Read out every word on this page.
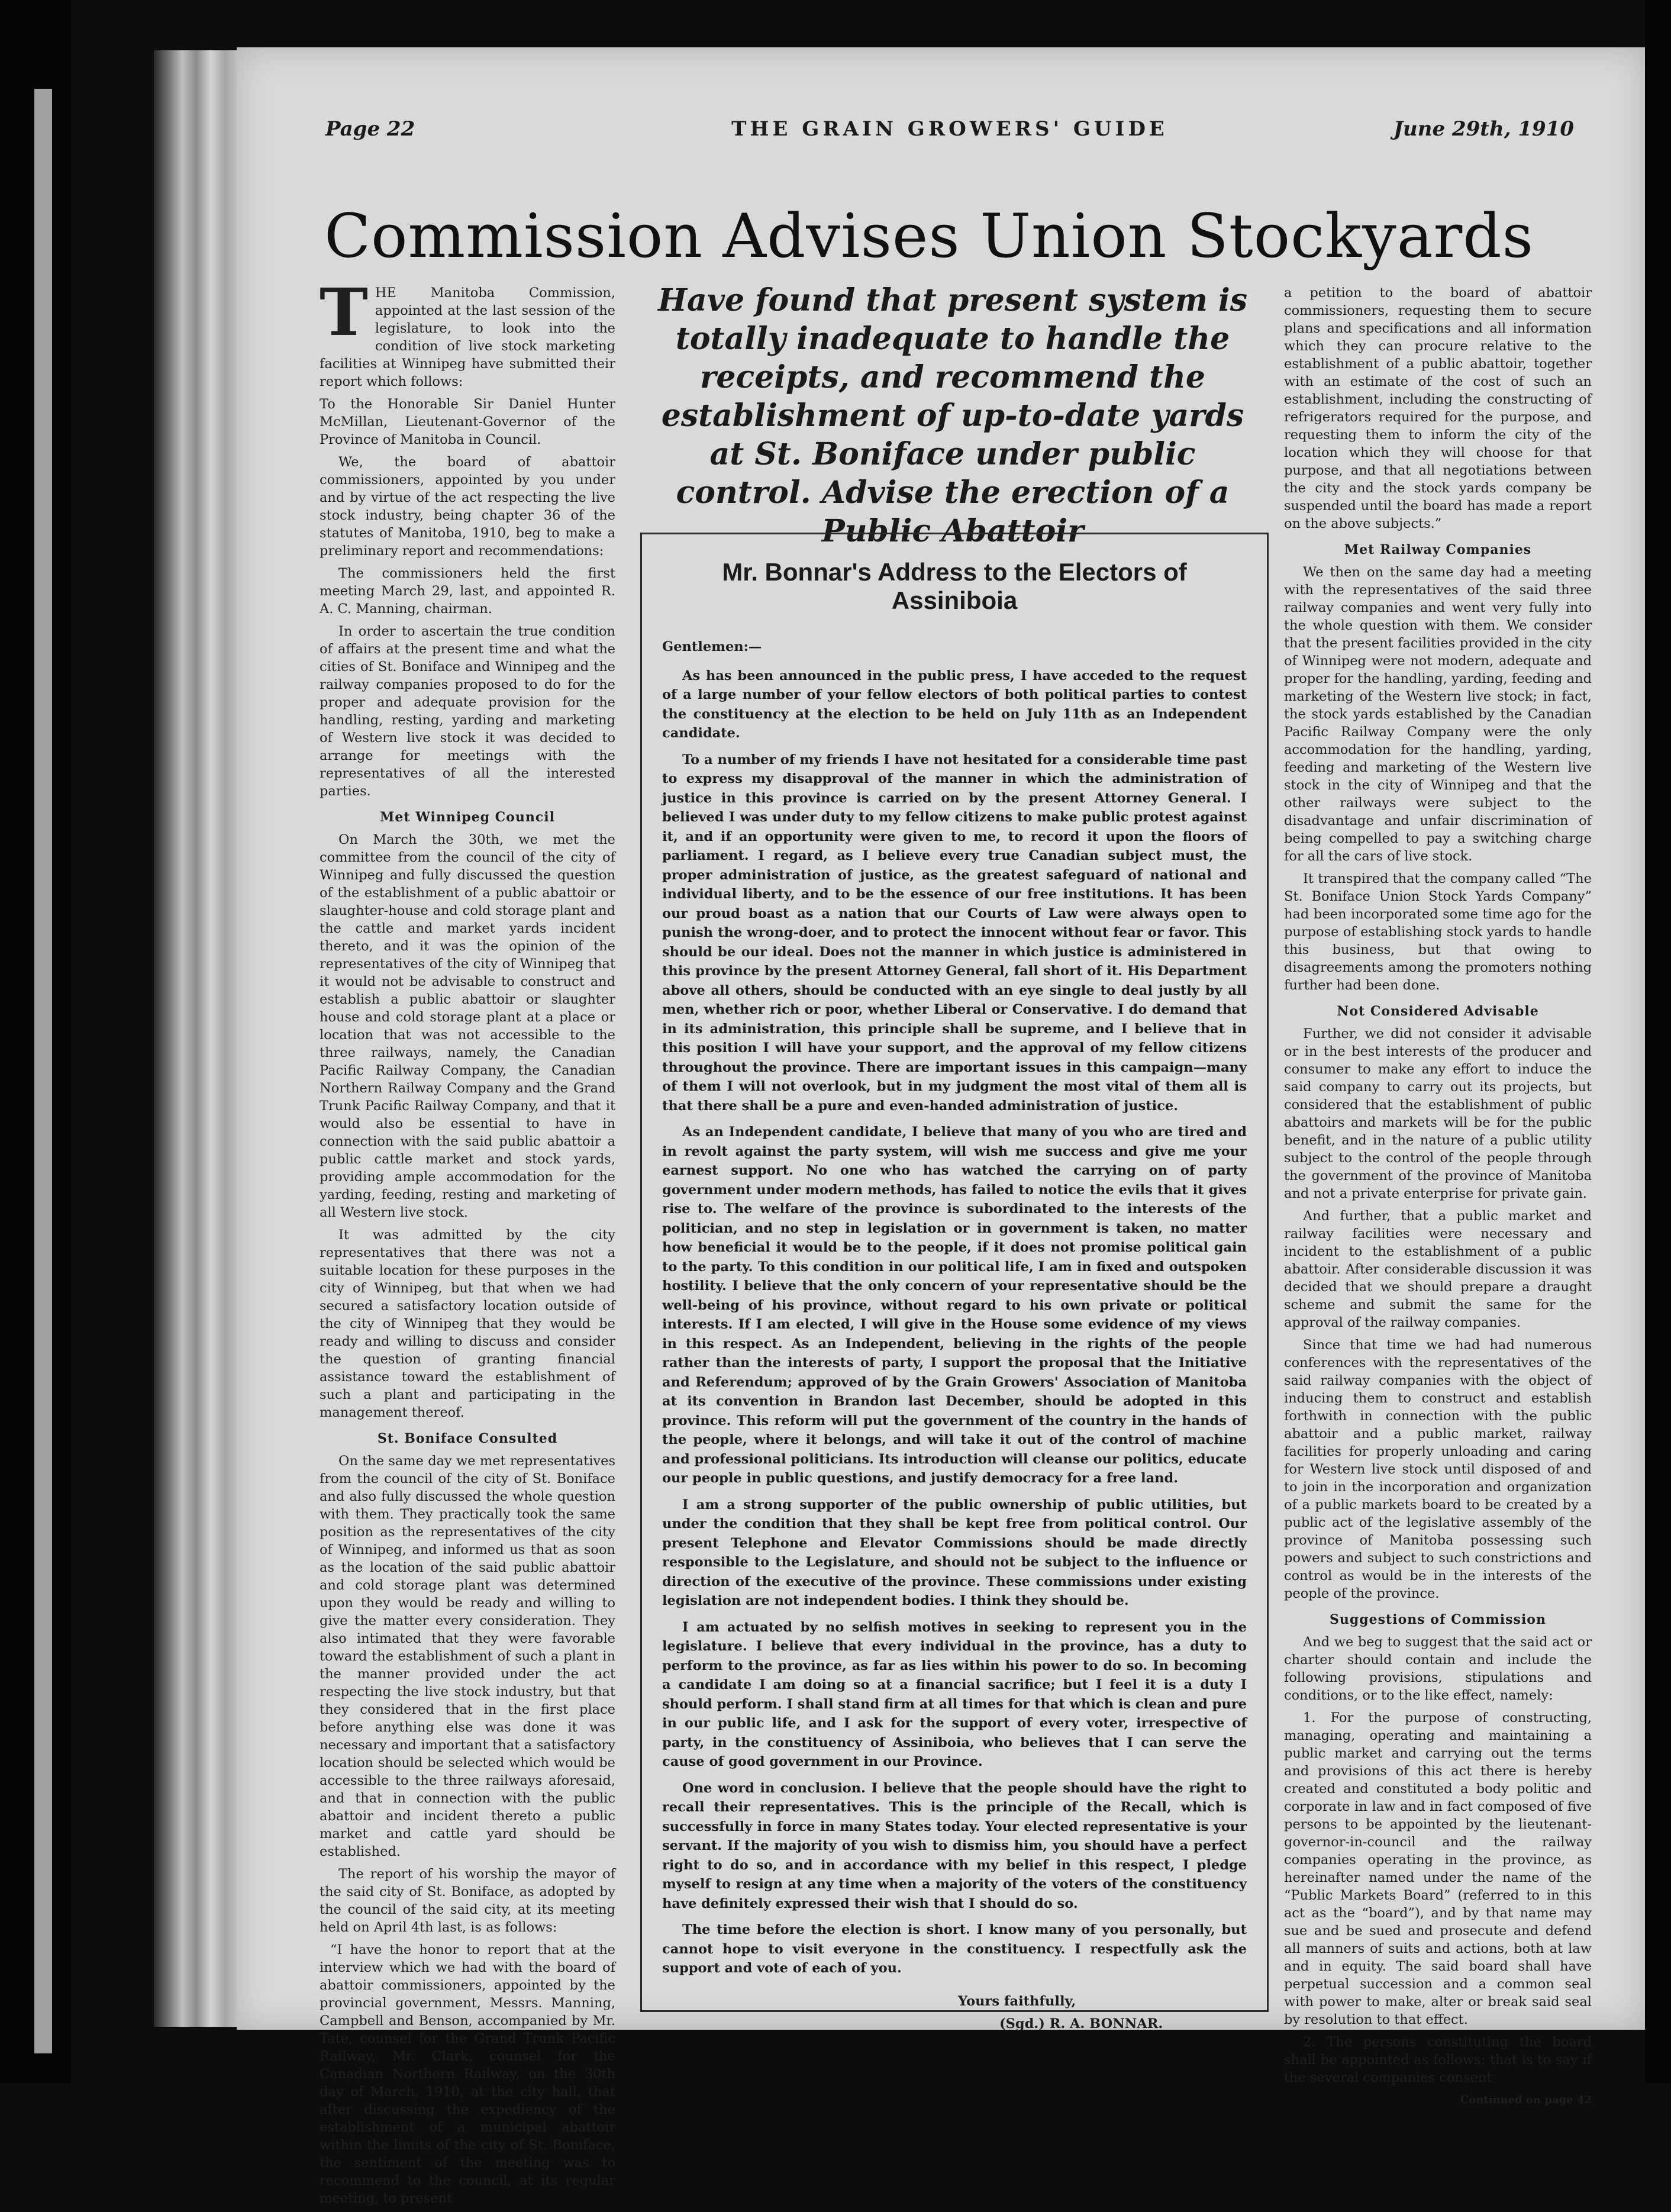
Page 22	THE GRAIN GROWERS' GUIDE	June 29th, 1910
Commission Advises Union Stockyards
Have found that present system is totally inadequate to handle the receipts, and recommend the establishment of up-to-date yards at St. Boniface under public control. Advise the erection of a Public Abattoir

THE Manitoba Commission, appointed at the last session of the legislature, to look into the condition of live stock marketing facilities at Winnipeg have submitted their report which follows:

To the Honorable Sir Daniel Hunter McMillan, Lieutenant-Governor of the Province of Manitoba in Council.

We, the board of abattoir commissioners, appointed by you under and by virtue of the act respecting the live stock industry, being chapter 36 of the statutes of Manitoba, 1910, beg to make a preliminary report and recommendations:

The commissioners held the first meeting March 29, last, and appointed R. A. C. Manning, chairman.

In order to ascertain the true condition of affairs at the present time and what the cities of St. Boniface and Winnipeg and the railway companies proposed to do for the proper and adequate provision for the handling, resting, yarding and marketing of Western live stock it was decided to arrange for meetings with the representatives of all the interested parties.

Met Winnipeg Council

On March the 30th, we met the committee from the council of the city of Winnipeg and fully discussed the question of the establishment of a public abattoir or slaughter-house and cold storage plant and the cattle and market yards incident thereto, and it was the opinion of the representatives of the city of Winnipeg that it would not be advisable to construct and establish a public abattoir or slaughter house and cold storage plant at a place or location that was not accessible to the three railways, namely, the Canadian Pacific Railway Company, the Canadian Northern Railway Company and the Grand Trunk Pacific Railway Company, and that it would also be essential to have in connection with the said public abattoir a public cattle market and stock yards, providing ample accommodation for the yarding, feeding, resting and marketing of all Western live stock.

It was admitted by the city representatives that there was not a suitable location for these purposes in the city of Winnipeg, but that when we had secured a satisfactory location outside of the city of Winnipeg that they would be ready and willing to discuss and consider the question of granting financial assistance toward the establishment of such a plant and participating in the management thereof.

St. Boniface Consulted

On the same day we met representatives from the council of the city of St. Boniface and also fully discussed the whole question with them. They practically took the same position as the representatives of the city of Winnipeg, and informed us that as soon as the location of the said public abattoir and cold storage plant was determined upon they would be ready and willing to give the matter every consideration. They also intimated that they were favorable toward the establishment of such a plant in the manner provided under the act respecting the live stock industry, but that they considered that in the first place before anything else was done it was necessary and important that a satisfactory location should be selected which would be accessible to the three railways aforesaid, and that in connection with the public abattoir and incident thereto a public market and cattle yard should be established.

The report of his worship the mayor of the said city of St. Boniface, as adopted by the council of the said city, at its meeting held on April 4th last, is as follows:

“I have the honor to report that at the interview which we had with the board of abattoir commissioners, appointed by the provincial government, Messrs. Manning, Campbell and Benson, accompanied by Mr. Tate, counsel for the Grand Trunk Pacific Railway, Mr. Clark, counsel for the Canadian Northern Railway, on the 30th day of March, 1910, at the city hall, that after discussing the expediency of the establishment of a municipal abattoir within the limits of the city of St. Boniface, the sentiment of the meeting was to recommend to the council, at its regular meeting, to present

Mr. Bonnar's Address to the Electors of Assiniboia

Gentlemen:—

As has been announced in the public press, I have acceded to the request of a large number of your fellow electors of both political parties to contest the constituency at the election to be held on July 11th as an Independent candidate.

To a number of my friends I have not hesitated for a considerable time past to express my disapproval of the manner in which the administration of justice in this province is carried on by the present Attorney General. I believed I was under duty to my fellow citizens to make public protest against it, and if an opportunity were given to me, to record it upon the floors of parliament. I regard, as I believe every true Canadian subject must, the proper administration of justice, as the greatest safeguard of national and individual liberty, and to be the essence of our free institutions. It has been our proud boast as a nation that our Courts of Law were always open to punish the wrong-doer, and to protect the innocent without fear or favor. This should be our ideal. Does not the manner in which justice is administered in this province by the present Attorney General, fall short of it. His Department above all others, should be conducted with an eye single to deal justly by all men, whether rich or poor, whether Liberal or Conservative. I do demand that in its administration, this principle shall be supreme, and I believe that in this position I will have your support, and the approval of my fellow citizens throughout the province. There are important issues in this campaign—many of them I will not overlook, but in my judgment the most vital of them all is that there shall be a pure and even-handed administration of justice.

As an Independent candidate, I believe that many of you who are tired and in revolt against the party system, will wish me success and give me your earnest support. No one who has watched the carrying on of party government under modern methods, has failed to notice the evils that it gives rise to. The welfare of the province is subordinated to the interests of the politician, and no step in legislation or in government is taken, no matter how beneficial it would be to the people, if it does not promise political gain to the party. To this condition in our political life, I am in fixed and outspoken hostility. I believe that the only concern of your representative should be the well-being of his province, without regard to his own private or political interests. If I am elected, I will give in the House some evidence of my views in this respect. As an Independent, believing in the rights of the people rather than the interests of party, I support the proposal that the Initiative and Referendum; approved of by the Grain Growers' Association of Manitoba at its convention in Brandon last December, should be adopted in this province. This reform will put the government of the country in the hands of the people, where it belongs, and will take it out of the control of machine and professional politicians. Its introduction will cleanse our politics, educate our people in public questions, and justify democracy for a free land.

I am a strong supporter of the public ownership of public utilities, but under the condition that they shall be kept free from political control. Our present Telephone and Elevator Commissions should be made directly responsible to the Legislature, and should not be subject to the influence or direction of the executive of the province. These commissions under existing legislation are not independent bodies. I think they should be.

I am actuated by no selfish motives in seeking to represent you in the legislature. I believe that every individual in the province, has a duty to perform to the province, as far as lies within his power to do so. In becoming a candidate I am doing so at a financial sacrifice; but I feel it is a duty I should perform. I shall stand firm at all times for that which is clean and pure in our public life, and I ask for the support of every voter, irrespective of party, in the constituency of Assiniboia, who believes that I can serve the cause of good government in our Province.

One word in conclusion. I believe that the people should have the right to recall their representatives. This is the principle of the Recall, which is successfully in force in many States today. Your elected representative is your servant. If the majority of you wish to dismiss him, you should have a perfect right to do so, and in accordance with my belief in this respect, I pledge myself to resign at any time when a majority of the voters of the constituency have definitely expressed their wish that I should do so.

The time before the election is short. I know many of you personally, but cannot hope to visit everyone in the constituency. I respectfully ask the support and vote of each of you.

Yours faithfully,
(Sgd.) R. A. BONNAR.

a petition to the board of abattoir commissioners, requesting them to secure plans and specifications and all information which they can procure relative to the establishment of a public abattoir, together with an estimate of the cost of such an establishment, including the constructing of refrigerators required for the purpose, and requesting them to inform the city of the location which they will choose for that purpose, and that all negotiations between the city and the stock yards company be suspended until the board has made a report on the above subjects.”

Met Railway Companies

We then on the same day had a meeting with the representatives of the said three railway companies and went very fully into the whole question with them. We consider that the present facilities provided in the city of Winnipeg were not modern, adequate and proper for the handling, yarding, feeding and marketing of the Western live stock; in fact, the stock yards established by the Canadian Pacific Railway Company were the only accommodation for the handling, yarding, feeding and marketing of the Western live stock in the city of Winnipeg and that the other railways were subject to the disadvantage and unfair discrimination of being compelled to pay a switching charge for all the cars of live stock.

It transpired that the company called “The St. Boniface Union Stock Yards Company” had been incorporated some time ago for the purpose of establishing stock yards to handle this business, but that owing to disagreements among the promoters nothing further had been done.

Not Considered Advisable

Further, we did not consider it advisable or in the best interests of the producer and consumer to make any effort to induce the said company to carry out its projects, but considered that the establishment of public abattoirs and markets will be for the public benefit, and in the nature of a public utility subject to the control of the people through the government of the province of Manitoba and not a private enterprise for private gain.

And further, that a public market and railway facilities were necessary and incident to the establishment of a public abattoir. After considerable discussion it was decided that we should prepare a draught scheme and submit the same for the approval of the railway companies.

Since that time we had had numerous conferences with the representatives of the said railway companies with the object of inducing them to construct and establish forthwith in connection with the public abattoir and a public market, railway facilities for properly unloading and caring for Western live stock until disposed of and to join in the incorporation and organization of a public markets board to be created by a public act of the legislative assembly of the province of Manitoba possessing such powers and subject to such constrictions and control as would be in the interests of the people of the province.

Suggestions of Commission

And we beg to suggest that the said act or charter should contain and include the following provisions, stipulations and conditions, or to the like effect, namely:

1. For the purpose of constructing, managing, operating and maintaining a public market and carrying out the terms and provisions of this act there is hereby created and constituted a body politic and corporate in law and in fact composed of five persons to be appointed by the lieutenant-governor-in-council and the railway companies operating in the province, as hereinafter named under the name of the “Public Markets Board” (referred to in this act as the “board”), and by that name may sue and be sued and prosecute and defend all manners of suits and actions, both at law and in equity. The said board shall have perpetual succession and a common seal with power to make, alter or break said seal by resolution to that effect.

2. The persons constituting the board shall be appointed as follows: that is to say if the several companies consent

Continued on page 42
